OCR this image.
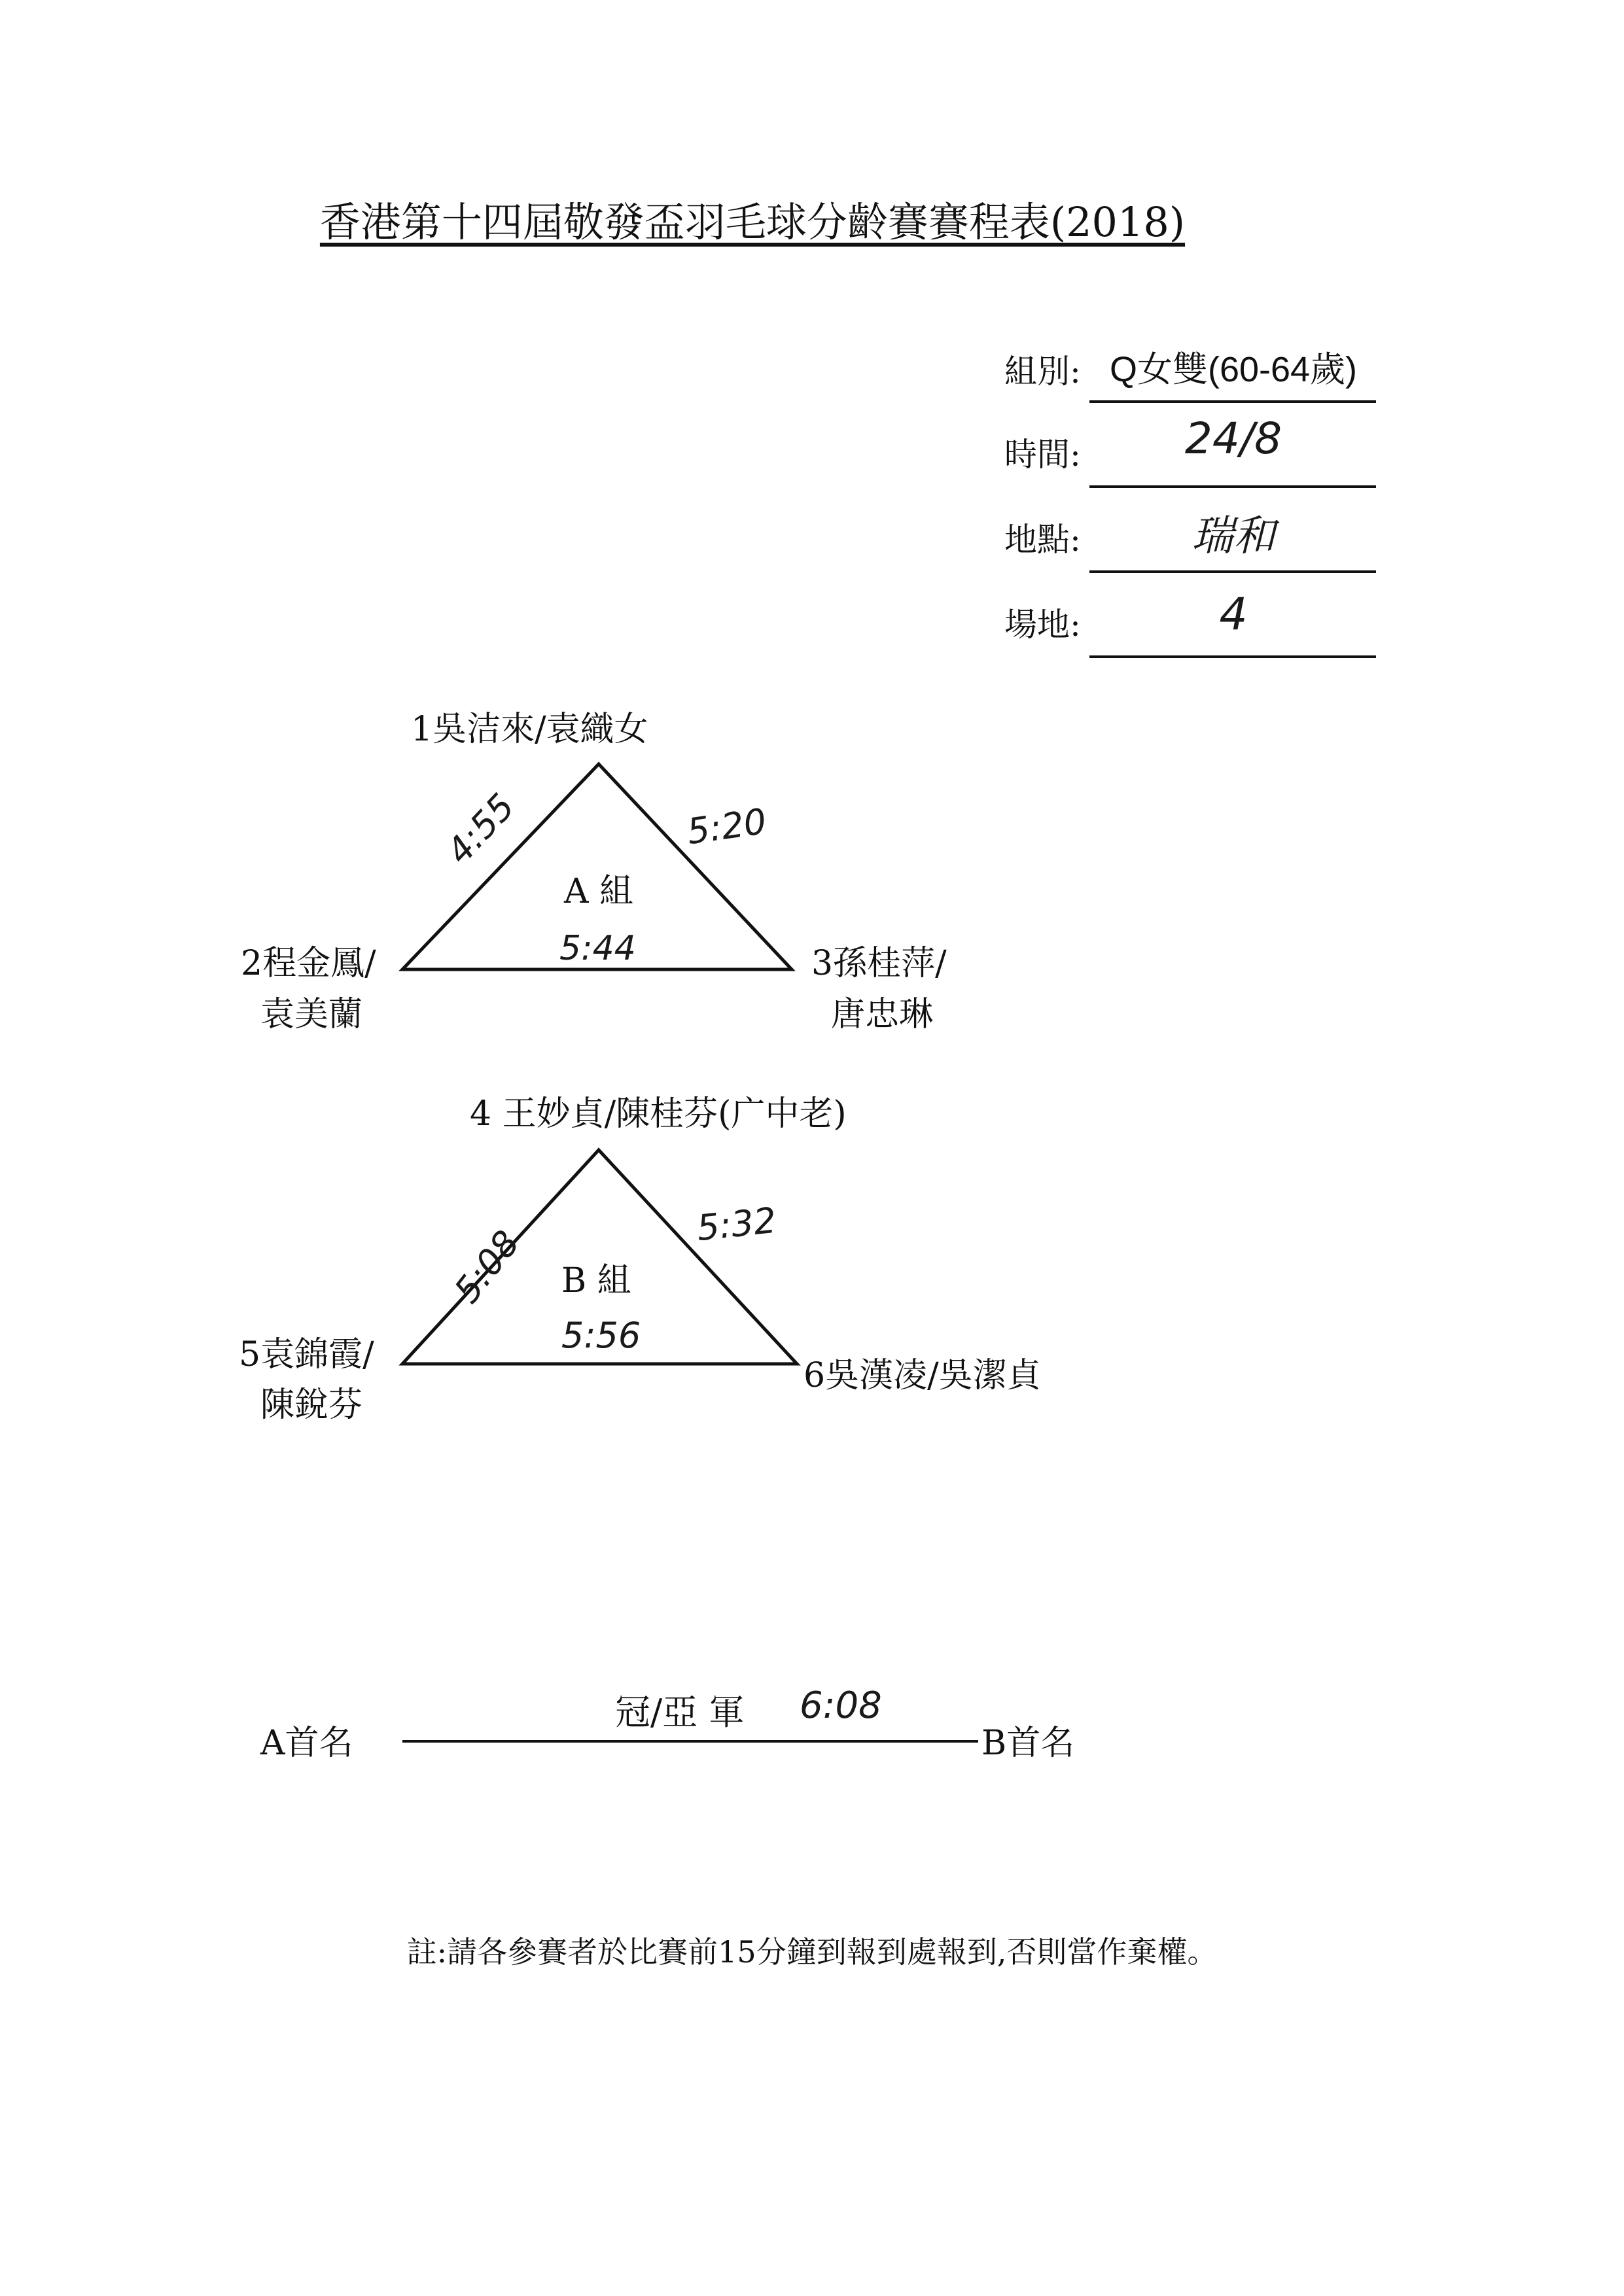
香港第十四屆敬發盃羽毛球分齡賽賽程表(2018)
組別: Q女雙(60-64歲)
時間:	24/8
地點:	瑞和
場地:	4
1吳洁來/袁織女
4:55	5:20
A 組
5:44
2程金鳳/
袁美蘭
3孫桂萍/
唐忠琳
4 王妙貞/陳桂芬(广中老)
5:08	5:32
B 組
5:56
5袁錦霞/
陳銳芬
6吳漢凌/吳潔貞
A首名
冠/亞 軍 6:08
B首名
註:請各參賽者於比賽前15分鐘到報到處報到,否則當作棄權。
